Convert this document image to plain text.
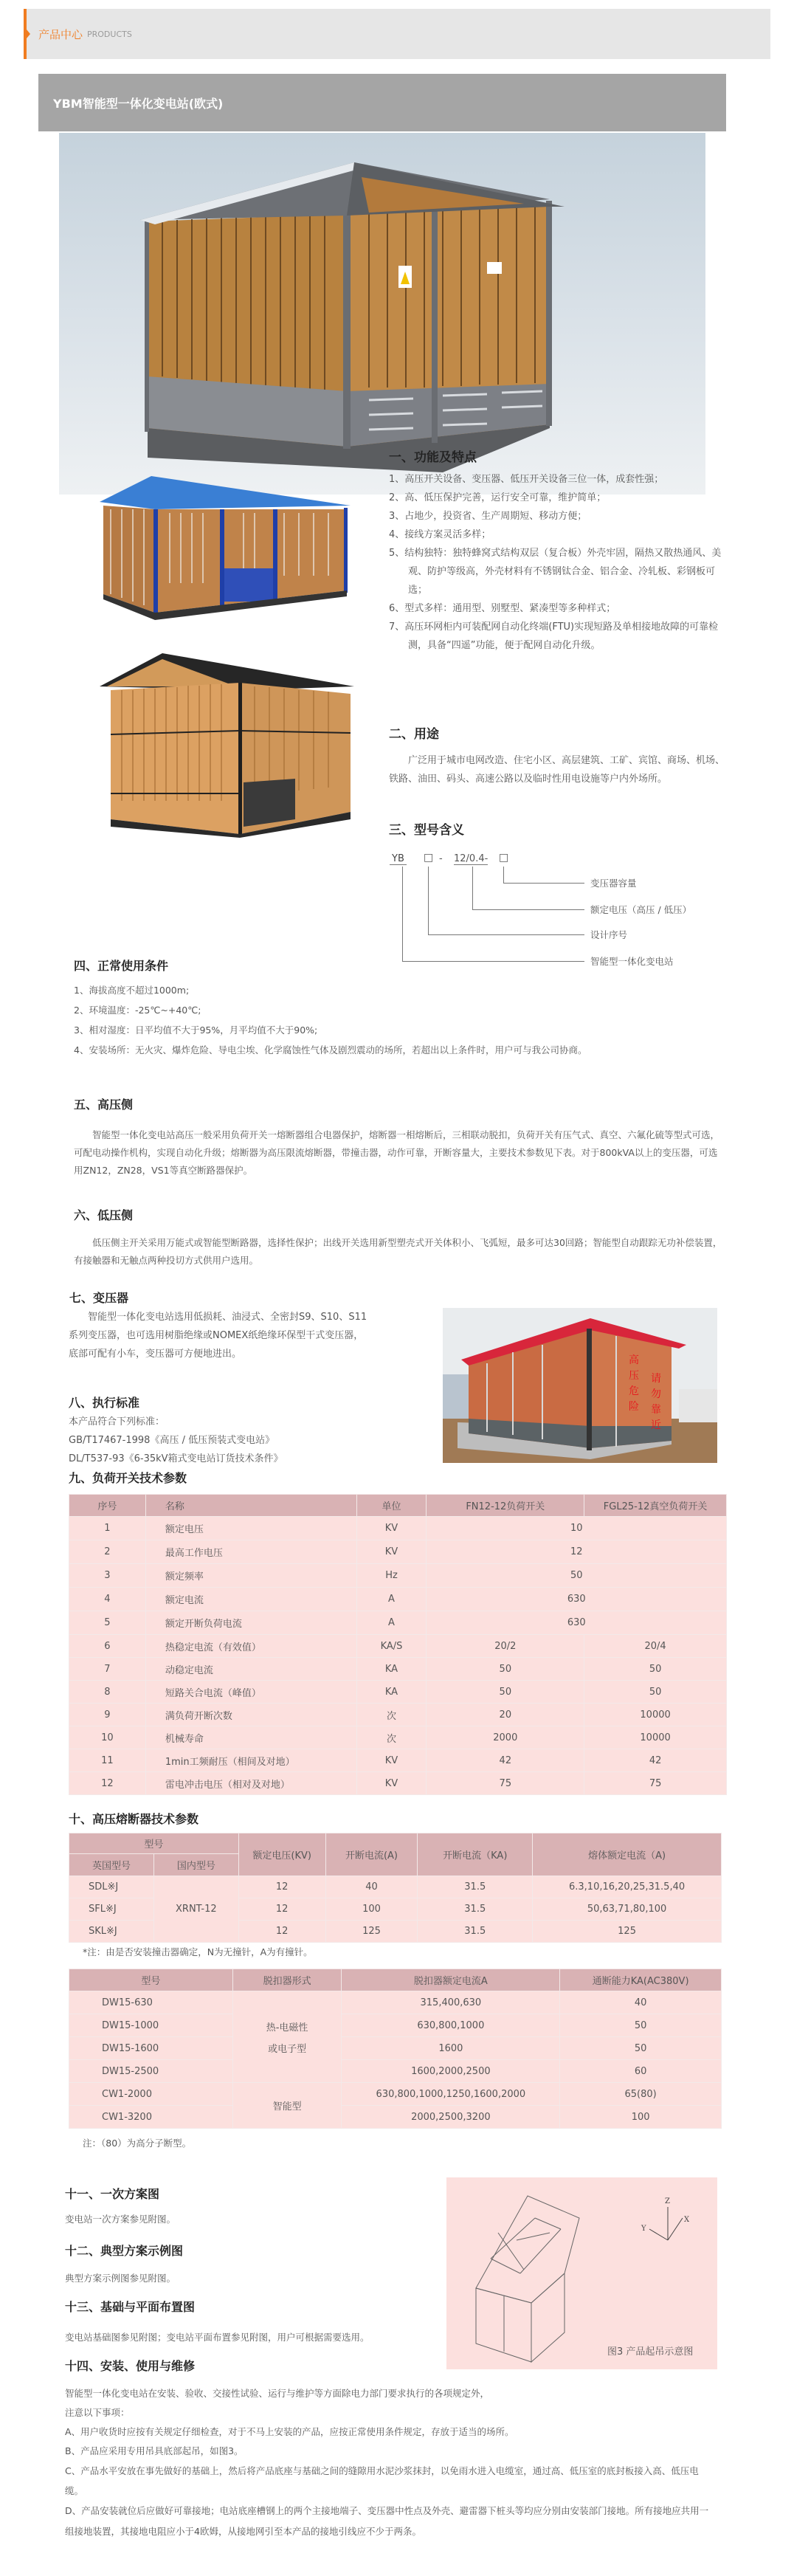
产品中心 PRODUCTS
YBM智能型一体化变电站(欧式)
一、功能及特点
1、高压开关设备、变压器、低压开关设备三位一体，成套性强；
2、高、低压保护完善，运行安全可靠，维护简单；
3、占地少，投资省、生产周期短、移动方便；
4、接线方案灵活多样；
5、结构独特：独特蜂窝式结构双层（复合板）外壳牢固，隔热又散热通风、美观、防护等级高，外壳材料有不锈钢钛合金、铝合金、冷轧板、彩钢板可选；
6、型式多样：通用型、别墅型、紧凑型等多种样式；
7、高压环网柜内可装配网自动化终端(FTU)实现短路及单相接地故障的可靠检测，具备“四遥”功能，便于配网自动化升级。
二、用途
广泛用于城市电网改造、住宅小区、高层建筑、工矿、宾馆、商场、机场、铁路、油田、码头、高速公路以及临时性用电设施等户内外场所。
三、型号含义
YB □ - 12/0.4- □
变压器容量
额定电压（高压 / 低压）
设计序号
智能型一体化变电站
四、正常使用条件
1、海拔高度不超过1000m;
2、环境温度：-25℃~+40℃;
3、相对湿度：日平均值不大于95%，月平均值不大于90%;
4、安装场所：无火灾、爆炸危险、导电尘埃、化学腐蚀性气体及剧烈震动的场所，若超出以上条件时，用户可与我公司协商。
五、高压侧
智能型一体化变电站高压一般采用负荷开关一熔断器组合电器保护，熔断器一相熔断后，三相联动脱扣，负荷开关有压气式、真空、六氟化硫等型式可选，可配电动操作机构，实现自动化升级；熔断器为高压限流熔断器，带撞击器，动作可靠，开断容量大，主要技术参数见下表。对于800kVA以上的变压器，可选用ZN12，ZN28，VS1等真空断路器保护。
六、低压侧
低压侧主开关采用万能式或智能型断路器，选择性保护；出线开关选用新型塑壳式开关体积小、飞弧短，最多可达30回路；智能型自动跟踪无功补偿装置，有接触器和无触点两种投切方式供用户选用。
七、变压器
智能型一体化变电站选用低损耗、油浸式、全密封S9、S10、S11系列变压器，也可选用树脂绝缘或NOMEX纸绝缘环保型干式变压器，底部可配有小车，变压器可方便地进出。
高
压
危
险
请
勿
靠
近
八、执行标准
本产品符合下列标准：
GB/T17467-1998《高压 / 低压预装式变电站》
DL/T537-93《6-35kV箱式变电站订货技术条件》
九、负荷开关技术参数
序号	名称	单位	FN12-12负荷开关	FGL25-12真空负荷开关
1	额定电压	KV	10	
2	最高工作电压	KV	12	
3	额定频率	Hz	50	
4	额定电流	A	630	
5	额定开断负荷电流	A	630	
6	热稳定电流（有效值）	KA/S	20/2	20/4
7	动稳定电流	KA	50	50
8	短路关合电流（峰值）	KA	50	50
9	满负荷开断次数	次	20	10000
10	机械寿命	次	2000	10000
11	1min工频耐压（相间及对地）	KV	42	42
12	雷电冲击电压（相对及对地）	KV	75	75
十、高压熔断器技术参数
型号		额定电压(KV)	开断电流(A)	开断电流（KA)	熔体额定电流（A)
英国型号	国内型号				
SDL※J	XRNT-12	12	40	31.5	6.3,10,16,20,25,31.5,40
SFL※J		12	100	31.5	50,63,71,80,100
SKL※J		12	125	31.5	125
*注：由是否安装撞击器确定，N为无撞针，A为有撞针。
型号	脱扣器形式	脱扣器额定电流A	通断能力KA(AC380V)
DW15-630	热-电磁性
或电子型	315,400,630	40
DW15-1000		630,800,1000	50
DW15-1600		1600	50
DW15-2500		1600,2000,2500	60
CW1-2000	智能型	630,800,1000,1250,1600,2000	65(80)
CW1-3200		2000,2500,3200	100
注：（80）为高分子断型。
十一、一次方案图
变电站一次方案参见附图。
十二、典型方案示例图
典型方案示例图参见附图。
十三、基础与平面布置图
变电站基础图参见附图；变电站平面布置参见附图，用户可根据需要选用。
Z
Y
X
图3 产品起吊示意图
十四、安装、使用与维修
智能型一体化变电站在安装、验收、交接性试验、运行与维护等方面除电力部门要求执行的各项规定外，
注意以下事项：
A、用户收货时应按有关规定仔细检查，对于不马上安装的产品，应按正常使用条件规定，存放于适当的场所。
B、产品应采用专用吊具底部起吊，如图3。
C、产品水平安放在事先做好的基础上，然后将产品底座与基础之间的缝隙用水泥沙浆抹封，以免雨水进入电缆室，通过高、低压室的底封板接入高、低压电缆。
D、产品安装就位后应做好可靠接地；电站底座槽钢上的两个主接地端子、变压器中性点及外壳、避雷器下桩头等均应分别由安装部门接地。所有接地应共用一组接地装置，其接地电阻应小于4欧姆，从接地网引至本产品的接地引线应不少于两条。
